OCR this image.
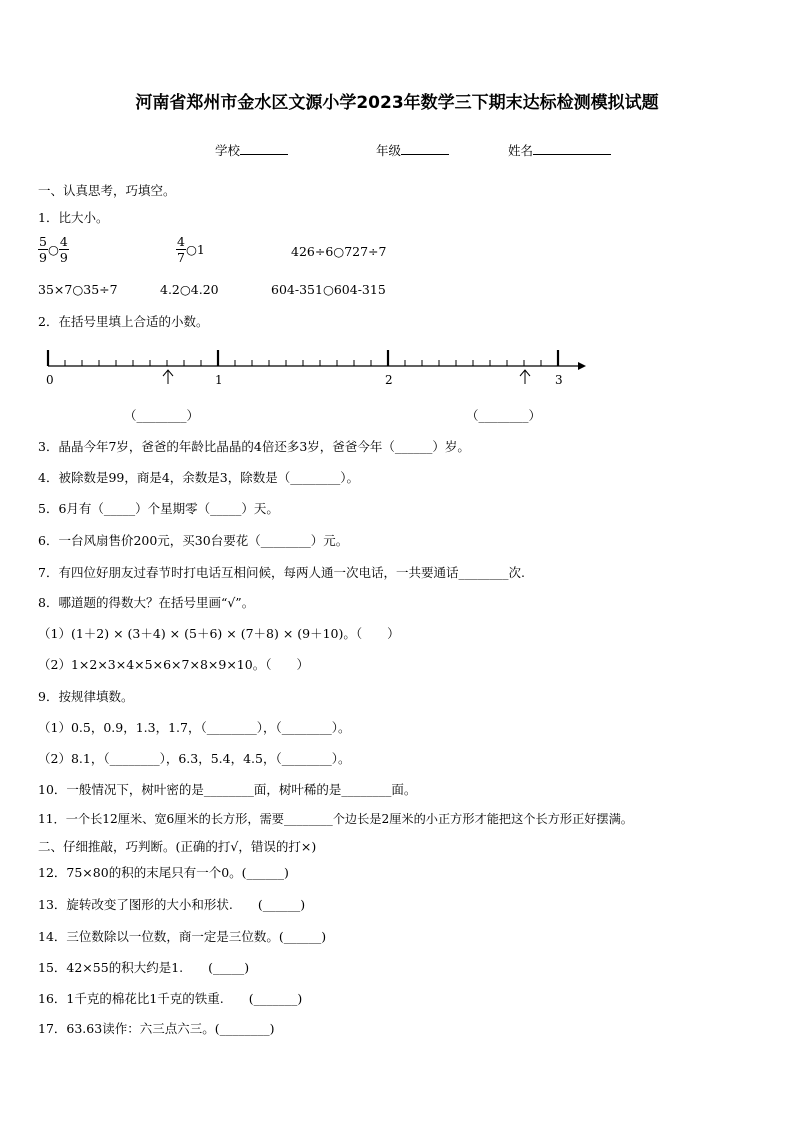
河南省郑州市金水区文源小学2023年数学三下期末达标检测模拟试题
学校	年级	姓名
一、认真思考，巧填空。
1．比大小。
$\frac{5}{9}$ ○ $\frac{4}{9}$	$\frac{4}{7}$ ○1	426÷6○727÷7
35×7○35÷7	4.2○4.20	604-351○604-315
2．在括号里填上合适的小数。
0	1	2	3
（________）	（________）
3．晶晶今年7岁，爸爸的年龄比晶晶的4倍还多3岁，爸爸今年（______）岁。
4．被除数是99，商是4，余数是3，除数是（________）。
5．6月有（_____）个星期零（_____）天。
6．一台风扇售价200元，买30台要花（________）元。
7．有四位好朋友过春节时打电话互相问候，每两人通一次电话，一共要通话________次.
8．哪道题的得数大？在括号里画“√”。
（1）(1＋2) × (3＋4) × (5＋6) × (7＋8) × (9＋10)。（　　）
（2）1×2×3×4×5×6×7×8×9×10。（　　）
9．按规律填数。
（1）0.5，0.9，1.3，1.7，（________），（________）。
（2）8.1，（________），6.3，5.4，4.5，（________）。
10．一般情况下，树叶密的是________面，树叶稀的是________面。
11．一个长12厘米、宽6厘米的长方形，需要________个边长是2厘米的小正方形才能把这个长方形正好摆满。
二、仔细推敲，巧判断。(正确的打√，错误的打×)
12．75×80的积的末尾只有一个0。(______)
13．旋转改变了图形的大小和形状.　　(______)
14．三位数除以一位数，商一定是三位数。(______)
15．42×55的积大约是1.　　(_____)
16．1千克的棉花比1千克的铁重.　　(_______)
17．63.63读作：六三点六三。(________)
